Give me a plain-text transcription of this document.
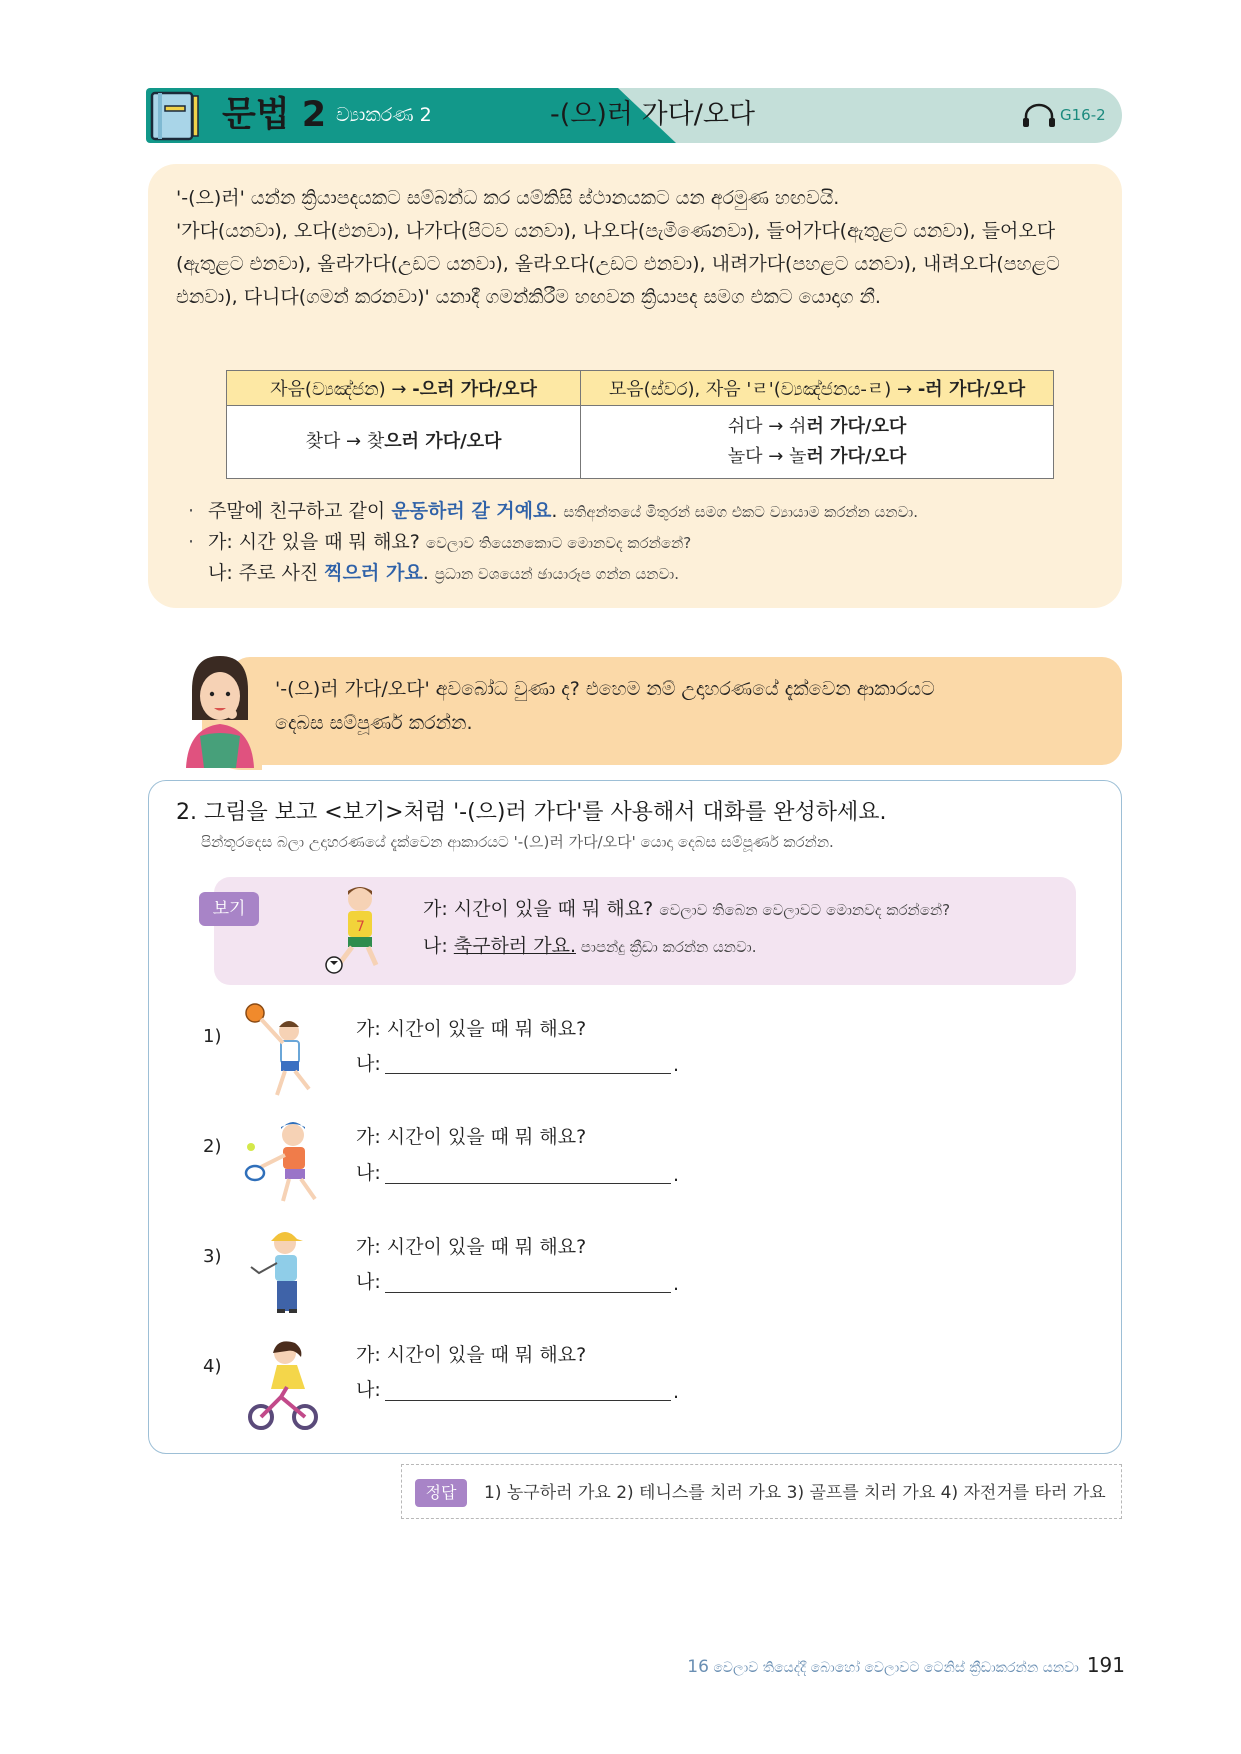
문법 2 ව්‍යාකරණ 2	-(으)러 가다/오다	G16-2

'-(으)러' යන්න ක්‍රියාපදයකට සම්බන්ධ කර යම්කිසි ස්ථානයකට යන අරමුණ හඟවයි.

'가다(යනවා), 오다(එනවා), 나가다(පිටව යනවා), 나오다(පැමිණෙනවා), 들어가다(ඇතුළට යනවා), 들어오다(ඇතුළට එනවා), 올라가다(උඩට යනවා), 올라오다(උඩට එනවා), 내려가다(පහළට යනවා), 내려오다(පහළට එනවා), 다니다(ගමන් කරනවා)' යනාදී ගමන්කිරීම හඟවන ක්‍රියාපද සමග එකට යොදාග නී.

자음(ව්‍යඤ්ජන) → -으러 가다/오다	모음(ස්වර), 자음 'ㄹ'(ව්‍යඤ්ජනය-ㄹ) → -러 가다/오다
찾다 → 찾으러 가다/오다	쉬다 → 쉬러 가다/오다
놀다 → 놀러 가다/오다
· 주말에 친구하고 같이 운동하러 갈 거예요. සතිඅන්තයේ මිතුරන් සමග එකට ව්‍යායාම කරන්න යනවා.
· 가: 시간 있을 때 뭐 해요? වෙලාව තියෙනකොට මොනවද කරන්නේ?
나: 주로 사진 찍으러 가요. ප්‍රධාන වශයෙන් ඡායාරූප ගන්න යනවා.
'-(으)러 가다/오다' අවබෝධ වුණා ද? එහෙම නම් උදාහරණයේ දැක්වෙන ආකාරයට
දෙබස සම්පූර්ණ කරන්න.
2. 그림을 보고 <보기>처럼 '-(으)러 가다'를 사용해서 대화를 완성하세요.
පින්තූරදෙස බලා උදාහරණයේ දැක්වෙන ආකාරයට '-(으)러 가다/오다' යොදා දෙබස සම්පූර්ණ කරන්න.
보기
7
가: 시간이 있을 때 뭐 해요? වෙලාව තිබෙන වෙලාවට මොනවද කරන්නේ?
나: 축구하러 가요. පාපන්දු ක්‍රීඩා කරන්න යනවා.
1)	가: 시간이 있을 때 뭐 해요?
나:	.
2)	가: 시간이 있을 때 뭐 해요?
나:	.
3)	가: 시간이 있을 때 뭐 해요?
나:	.
4)
가: 시간이 있을 때 뭐 해요?
나:	.
정답	1) 농구하러 가요 2) 테니스를 치러 가요 3) 골프를 치러 가요 4) 자전거를 타러 가요
16 වෙලාව තියෙද්දී බොහෝ වෙලාවට ටෙනිස් ක්‍රීඩාකරන්න යනවා 191
